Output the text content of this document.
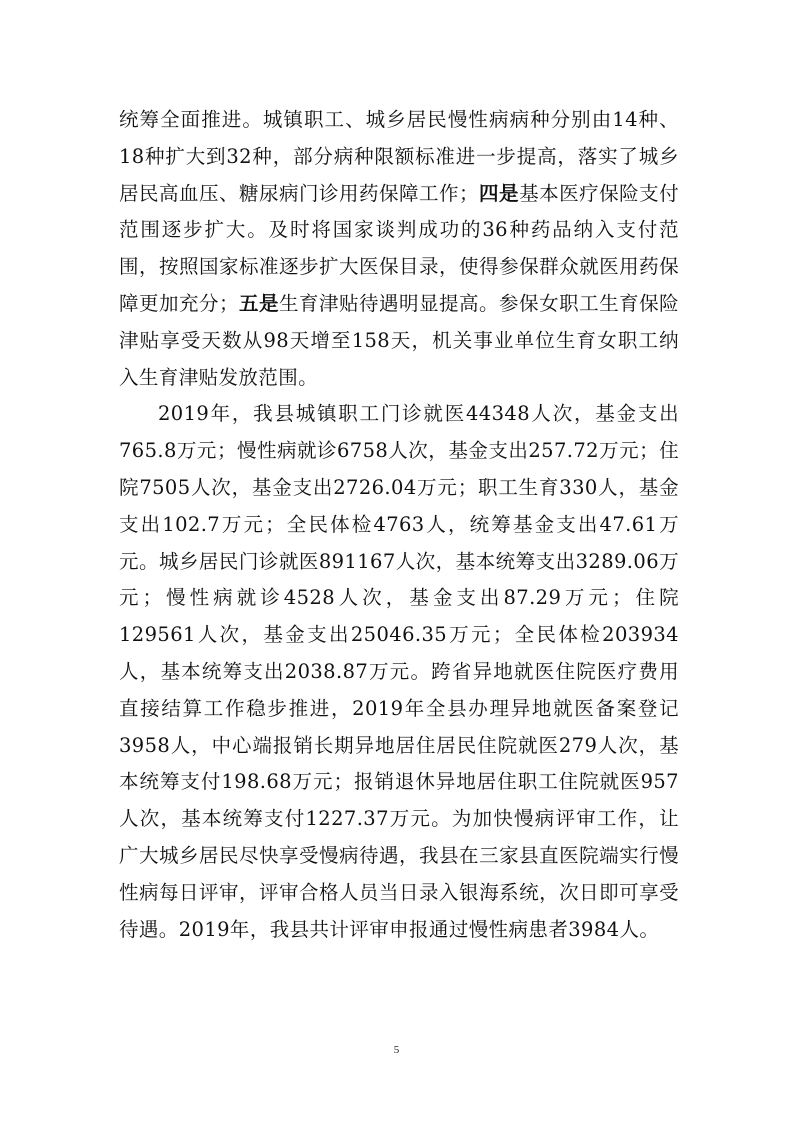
统筹全面推进。城镇职工、城乡居民慢性病病种分别由14种、18种扩大到32种，部分病种限额标准进一步提高，落实了城乡居民高血压、糖尿病门诊用药保障工作；四是基本医疗保险支付范围逐步扩大。及时将国家谈判成功的36种药品纳入支付范围，按照国家标准逐步扩大医保目录，使得参保群众就医用药保障更加充分；五是生育津贴待遇明显提高。参保女职工生育保险津贴享受天数从98天增至158天，机关事业单位生育女职工纳入生育津贴发放范围。

2019年，我县城镇职工门诊就医44348人次，基金支出765.8万元；慢性病就诊6758人次，基金支出257.72万元；住院7505人次，基金支出2726.04万元；职工生育330人，基金支出102.7万元；全民体检4763人，统筹基金支出47.61万元。城乡居民门诊就医891167人次，基本统筹支出3289.06万元；慢性病就诊4528人次，基金支出87.29万元；住院129561人次，基金支出25046.35万元；全民体检203934人，基本统筹支出2038.87万元。跨省异地就医住院医疗费用直接结算工作稳步推进，2019年全县办理异地就医备案登记3958人，中心端报销长期异地居住居民住院就医279人次，基本统筹支付198.68万元；报销退休异地居住职工住院就医957人次，基本统筹支付1227.37万元。为加快慢病评审工作，让广大城乡居民尽快享受慢病待遇，我县在三家县直医院端实行慢性病每日评审，评审合格人员当日录入银海系统，次日即可享受待遇。2019年，我县共计评审申报通过慢性病患者3984人。

5
